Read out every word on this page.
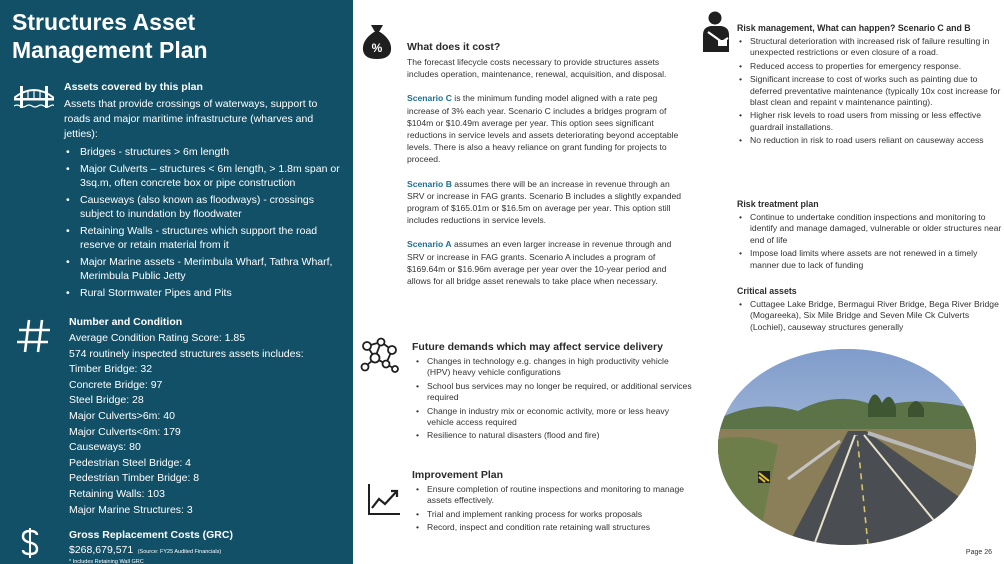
Structures Asset
Management Plan
Assets covered by this plan
Assets that provide crossings of waterways, support to roads and major maritime infrastructure (wharves and jetties):
• Bridges - structures > 6m length
• Major Culverts – structures < 6m length, > 1.8m span or 3sq.m, often concrete box or pipe construction
• Causeways (also known as floodways) - crossings subject to inundation by floodwater
• Retaining Walls - structures which support the road reserve or retain material from it
• Major Marine assets - Merimbula Wharf, Tathra Wharf, Merimbula Public Jetty
• Rural Stormwater Pipes and Pits
Number and Condition
Average Condition Rating Score: 1.85
574 routinely inspected structures assets includes:
Timber Bridge: 32
Concrete Bridge: 97
Steel Bridge: 28
Major Culverts>6m: 40
Major Culverts<6m: 179
Causeways: 80
Pedestrian Steel Bridge: 4
Pedestrian Timber Bridge: 8
Retaining Walls: 103
Major Marine Structures: 3
Gross Replacement Costs (GRC)
$268,679,571 (Source: FY25 Audited Financials)
* Includes Retaining Wall GRC
% What does it cost?
The forecast lifecycle costs necessary to provide structures assets includes operation, maintenance, renewal, acquisition, and disposal.
Scenario C is the minimum funding model aligned with a rate peg increase of 3% each year. Scenario C includes a bridges program of $104m or $10.49m average per year. This option sees significant reductions in service levels and assets deteriorating beyond acceptable levels. There is also a heavy reliance on grant funding for projects to proceed.
Scenario B assumes there will be an increase in revenue through an SRV or increase in FAG grants. Scenario B includes a slightly expanded program of $165.01m or $16.5m on average per year. This option still includes reductions in service levels.
Scenario A assumes an even larger increase in revenue through and SRV or increase in FAG grants. Scenario A includes a program of $169.64m or $16.96m average per year over the 10-year period and allows for all bridge asset renewals to take place when necessary.
Future demands which may affect service delivery
• Changes in technology e.g. changes in high productivity vehicle (HPV) heavy vehicle configurations
• School bus services may no longer be required, or additional services required
• Change in industry mix or economic activity, more or less heavy vehicle access required
• Resilience to natural disasters (flood and fire)
Improvement Plan
• Ensure completion of routine inspections and monitoring to manage assets effectively.
• Trial and implement ranking process for works proposals
• Record, inspect and condition rate retaining wall structures
Risk management, What can happen? Scenario C and B
• Structural deterioration with increased risk of failure resulting in unexpected restrictions or even closure of a road.
• Reduced access to properties for emergency response.
• Significant increase to cost of works such as painting due to deferred preventative maintenance (typically 10x cost increase for blast clean and repaint v maintenance painting).
• Higher risk levels to road users from missing or less effective guardrail installations.
• No reduction in risk to road users reliant on causeway access
Risk treatment plan
• Continue to undertake condition inspections and monitoring to identify and manage damaged, vulnerable or older structures near end of life
• Impose load limits where assets are not renewed in a timely manner due to lack of funding
Critical assets
• Cuttagee Lake Bridge, Bermagui River Bridge, Bega River Bridge (Mogareeka), Six Mile Bridge and Seven Mile Ck Culverts (Lochiel), causeway structures generally
Page 26
